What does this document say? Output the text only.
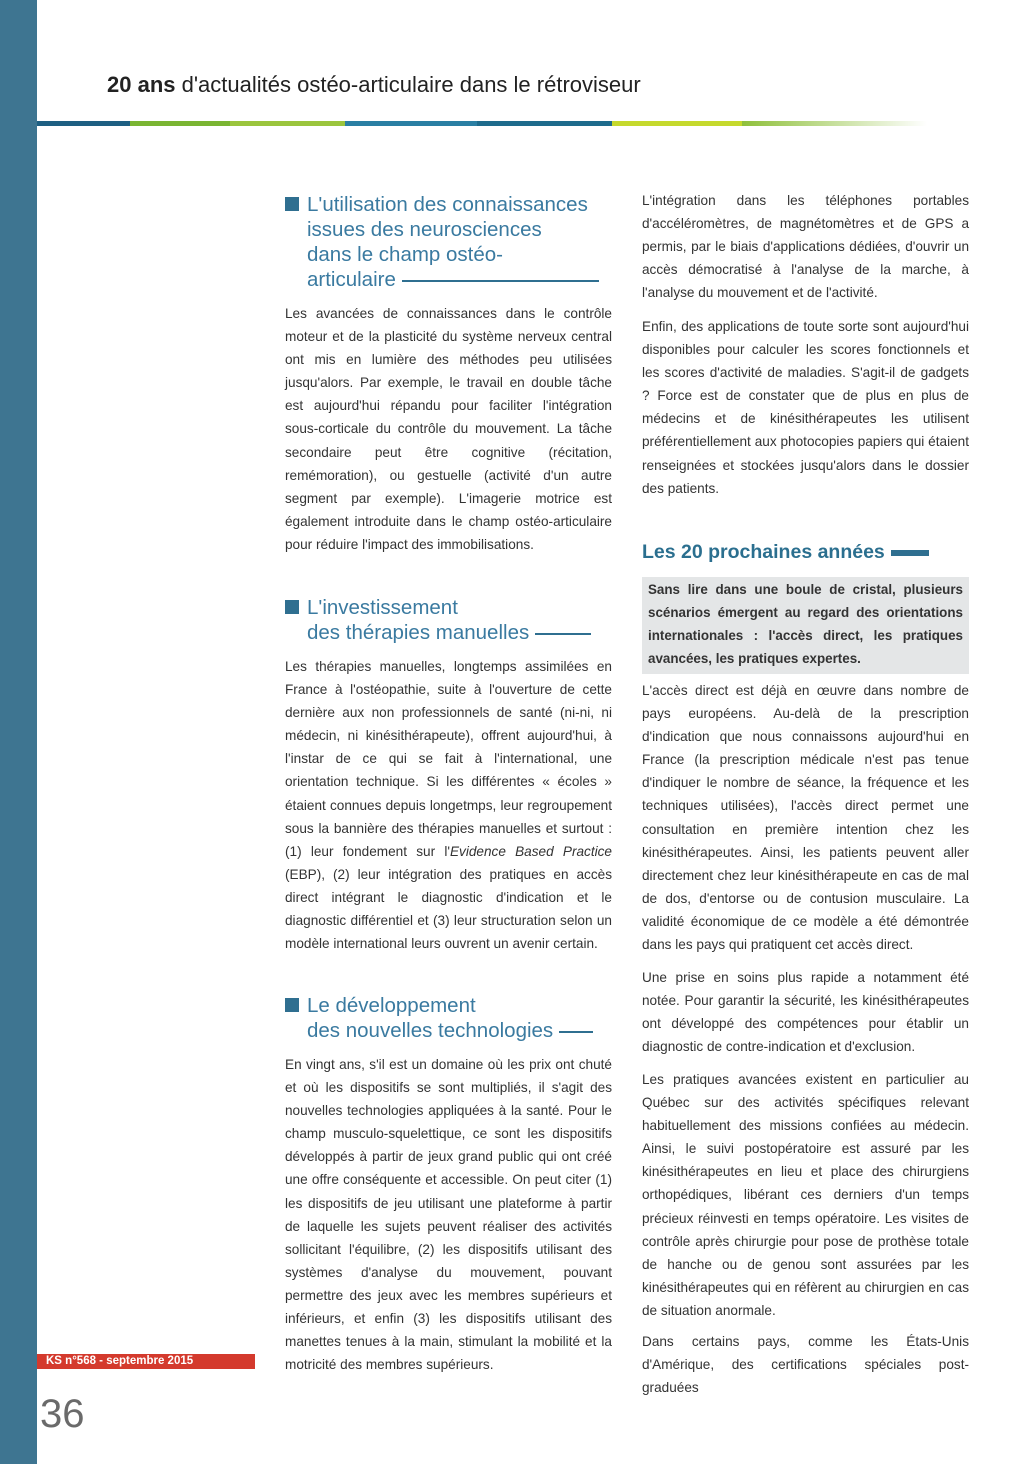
20 ans d'actualités ostéo-articulaire dans le rétroviseur
L'utilisation des connaissances
issues des neurosciences
dans le champ ostéo-
articulaire
Les avancées de connaissances dans le contrôle moteur et de la plasticité du système nerveux central ont mis en lumière des méthodes peu utilisées jusqu'alors. Par exemple, le travail en double tâche est aujourd'hui répandu pour faciliter l'intégration sous-corticale du contrôle du mouvement. La tâche secondaire peut être cognitive (récitation, remémoration), ou gestuelle (activité d'un autre segment par exemple). L'imagerie motrice est également introduite dans le champ ostéo-articulaire pour réduire l'impact des immobilisations.
L'investissement
des thérapies manuelles
Les thérapies manuelles, longtemps assimilées en France à l'ostéopathie, suite à l'ouverture de cette dernière aux non professionnels de santé (ni-ni, ni médecin, ni kinésithérapeute), offrent aujourd'hui, à l'instar de ce qui se fait à l'international, une orientation technique. Si les différentes « écoles » étaient connues depuis longetmps, leur regroupement sous la bannière des thérapies manuelles et surtout : (1) leur fondement sur l'Evidence Based Practice (EBP), (2) leur intégration des pratiques en accès direct intégrant le diagnostic d'indication et le diagnostic différentiel et (3) leur structuration selon un modèle international leurs ouvrent un avenir certain.
Le développement
des nouvelles technologies
En vingt ans, s'il est un domaine où les prix ont chuté et où les dispositifs se sont multipliés, il s'agit des nouvelles technologies appliquées à la santé. Pour le champ musculo-squelettique, ce sont les dispositifs développés à partir de jeux grand public qui ont créé une offre conséquente et accessible. On peut citer (1) les dispositifs de jeu utilisant une plateforme à partir de laquelle les sujets peuvent réaliser des activités sollicitant l'équilibre, (2) les dispositifs utilisant des systèmes d'analyse du mouvement, pouvant permettre des jeux avec les membres supérieurs et inférieurs, et enfin (3) les dispositifs utilisant des manettes tenues à la main, stimulant la mobilité et la motricité des membres supérieurs.
L'intégration dans les téléphones portables d'accéléromètres, de magnétomètres et de GPS a permis, par le biais d'applications dédiées, d'ouvrir un accès démocratisé à l'analyse de la marche, à l'analyse du mouvement et de l'activité.
Enfin, des applications de toute sorte sont aujourd'hui disponibles pour calculer les scores fonctionnels et les scores d'activité de maladies. S'agit-il de gadgets ? Force est de constater que de plus en plus de médecins et de kinésithérapeutes les utilisent préférentiellement aux photocopies papiers qui étaient renseignées et stockées jusqu'alors dans le dossier des patients.
Les 20 prochaines années
Sans lire dans une boule de cristal, plusieurs scénarios émergent au regard des orientations internationales : l'accès direct, les pratiques avancées, les pratiques expertes.
L'accès direct est déjà en œuvre dans nombre de pays européens. Au-delà de la prescription d'indication que nous connaissons aujourd'hui en France (la prescription médicale n'est pas tenue d'indiquer le nombre de séance, la fréquence et les techniques utilisées), l'accès direct permet une consultation en première intention chez les kinésithérapeutes. Ainsi, les patients peuvent aller directement chez leur kinésithérapeute en cas de mal de dos, d'entorse ou de contusion musculaire. La validité économique de ce modèle a été démontrée dans les pays qui pratiquent cet accès direct.
Une prise en soins plus rapide a notamment été notée. Pour garantir la sécurité, les kinésithérapeutes ont développé des compétences pour établir un diagnostic de contre-indication et d'exclusion.
Les pratiques avancées existent en particulier au Québec sur des activités spécifiques relevant habituellement des missions confiées au médecin. Ainsi, le suivi postopératoire est assuré par les kinésithérapeutes en lieu et place des chirurgiens orthopédiques, libérant ces derniers d'un temps précieux réinvesti en temps opératoire. Les visites de contrôle après chirurgie pour pose de prothèse totale de hanche ou de genou sont assurées par les kinésithérapeutes qui en réfèrent au chirurgien en cas de situation anormale.
Dans certains pays, comme les États-Unis d'Amérique, des certifications spéciales post-graduées
KS n°568 - septembre 2015
36
